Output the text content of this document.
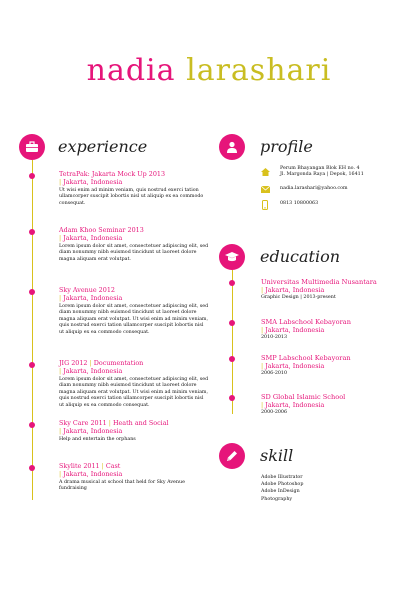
nadia larashari
experience
TetraPak: Jakarta Mock Up 2013
| Jakarta, Indonesia
Ut wisi enim ad minim veniam, quis nostrud exerci tation ullamcorper suscipit lobortis nisl ut aliquip ex ea commodo consequat.
Adam Khoo Seminar 2013
| Jakarta, Indonesia
Lorem ipsum dolor sit amet, consectetuer adipiscing elit, sed diam nonummy nibh euismod tincidunt ut laoreet dolore magna aliquam erat volutpat.
Sky Avenue 2012
| Jakarta, Indonesia
Lorem ipsum dolor sit amet, consectetuer adipiscing elit, sed diam nonummy nibh euismod tincidunt ut laoreet dolore magna aliquam erat volutpat. Ut wisi enim ad minim veniam, quis nostrud exerci tation ullamcorper suscipit lobortis nisl ut aliquip ex ea commodo consequat.
JIG 2012 | Documentation
| Jakarta, Indonesia
Lorem ipsum dolor sit amet, consectetuer adipiscing elit, sed diam nonummy nibh euismod tincidunt ut laoreet dolore magna aliquam erat volutpat. Ut wisi enim ad minim veniam, quis nostrud exerci tation ullamcorper suscipit lobortis nisl ut aliquip ex ea commodo consequat.
Sky Care 2011 | Heath and Social
| Jakarta, Indonesia
Help and entertain the orphans
Skylite 2011 | Cast
| Jakarta, Indonesia
A drama musical at school that held for Sky Avenue fundraising
profile
Perum Bhayangan Blok EH no. 4
Jl. Margonda Raya | Depok, 16411
nadia.larashari@yahoo.com
0813 10800063
education
Universitas Multimedia Nusantara
| Jakarta, Indonesia
Graphic Design | 2013-present
SMA Labschool Kebayoran
| Jakarta, Indonesia
2010-2013
SMP Labschool Kebayoran
| Jakarta, Indonesia
2006-2010
SD Global Islamic School
| Jakarta, Indonesia
2000-2006
skill
Adobe Illustrator
Adobe Photoshop
Adobe InDesign
Photography
